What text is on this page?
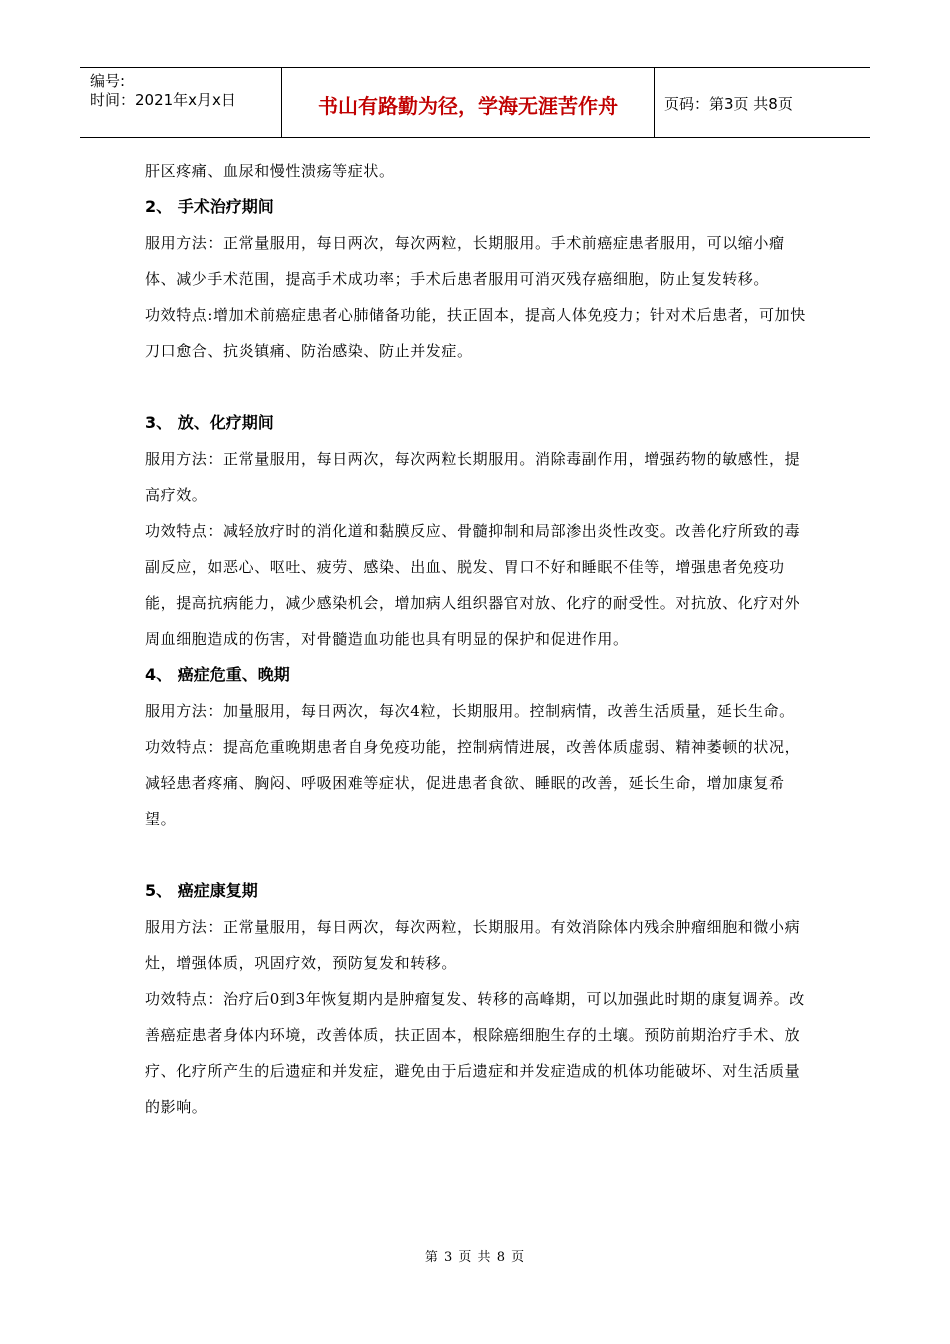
编号:
时间：2021年x月x日	书山有路勤为径，学海无涯苦作舟	页码：第3页 共8页

肝区疼痛、血尿和慢性溃疡等症状。

2、 手术治疗期间

服用方法：正常量服用，每日两次，每次两粒，长期服用。手术前癌症患者服用，可以缩小瘤体、减少手术范围，提高手术成功率；手术后患者服用可消灭残存癌细胞，防止复发转移。

功效特点:增加术前癌症患者心肺储备功能，扶正固本，提高人体免疫力；针对术后患者，可加快刀口愈合、抗炎镇痛、防治感染、防止并发症。

3、 放、化疗期间

服用方法：正常量服用，每日两次，每次两粒长期服用。消除毒副作用，增强药物的敏感性，提高疗效。

功效特点：减轻放疗时的消化道和黏膜反应、骨髓抑制和局部渗出炎性改变。改善化疗所致的毒副反应，如恶心、呕吐、疲劳、感染、出血、脱发、胃口不好和睡眠不佳等，增强患者免疫功能，提高抗病能力，减少感染机会，增加病人组织器官对放、化疗的耐受性。对抗放、化疗对外周血细胞造成的伤害，对骨髓造血功能也具有明显的保护和促进作用。

4、 癌症危重、晚期

服用方法：加量服用，每日两次，每次4粒，长期服用。控制病情，改善生活质量，延长生命。

功效特点：提高危重晚期患者自身免疫功能，控制病情进展，改善体质虚弱、精神萎顿的状况，减轻患者疼痛、胸闷、呼吸困难等症状，促进患者食欲、睡眠的改善，延长生命，增加康复希望。

5、 癌症康复期

服用方法：正常量服用，每日两次，每次两粒，长期服用。有效消除体内残余肿瘤细胞和微小病灶，增强体质，巩固疗效，预防复发和转移。

功效特点：治疗后0到3年恢复期内是肿瘤复发、转移的高峰期，可以加强此时期的康复调养。改善癌症患者身体内环境，改善体质，扶正固本，根除癌细胞生存的土壤。预防前期治疗手术、放疗、化疗所产生的后遗症和并发症，避免由于后遗症和并发症造成的机体功能破坏、对生活质量的影响。

第 3 页 共 8 页
